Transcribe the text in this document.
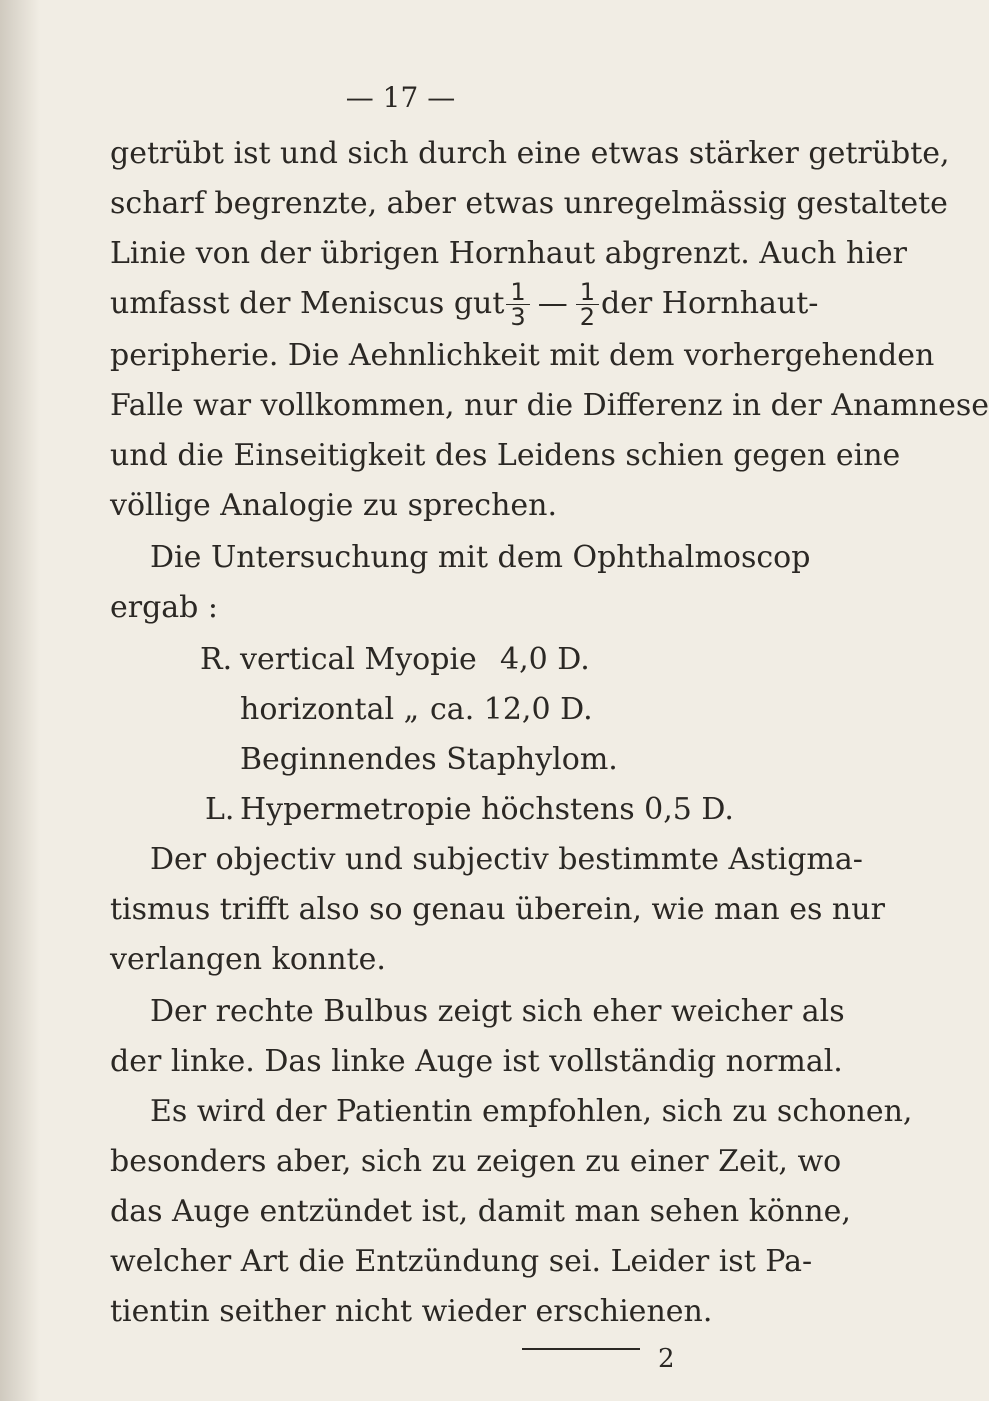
— 17 —
getrübt ist und sich durch eine etwas stärker getrübte,
scharf begrenzte, aber etwas unregelmässig gestaltete
Linie von der übrigen Hornhaut abgrenzt. Auch hier
umfasst der Meniscus gut $\frac{1}{3}$ — $\frac{1}{2}$ der Hornhaut-
peripherie. Die Aehnlichkeit mit dem vorhergehenden
Falle war vollkommen, nur die Differenz in der Anamnese
und die Einseitigkeit des Leidens schien gegen eine
völlige Analogie zu sprechen.
Die Untersuchung mit dem Ophthalmoscop
ergab :
R. vertical Myopie 4,0 D.
horizontal „ ca. 12,0 D.
Beginnendes Staphylom.
L. Hypermetropie höchstens 0,5 D.
Der objectiv und subjectiv bestimmte Astigma-
tismus trifft also so genau überein, wie man es nur
verlangen konnte.
Der rechte Bulbus zeigt sich eher weicher als
der linke. Das linke Auge ist vollständig normal.
Es wird der Patientin empfohlen, sich zu schonen,
besonders aber, sich zu zeigen zu einer Zeit, wo
das Auge entzündet ist, damit man sehen könne,
welcher Art die Entzündung sei. Leider ist Pa-
tientin seither nicht wieder erschienen.
2
